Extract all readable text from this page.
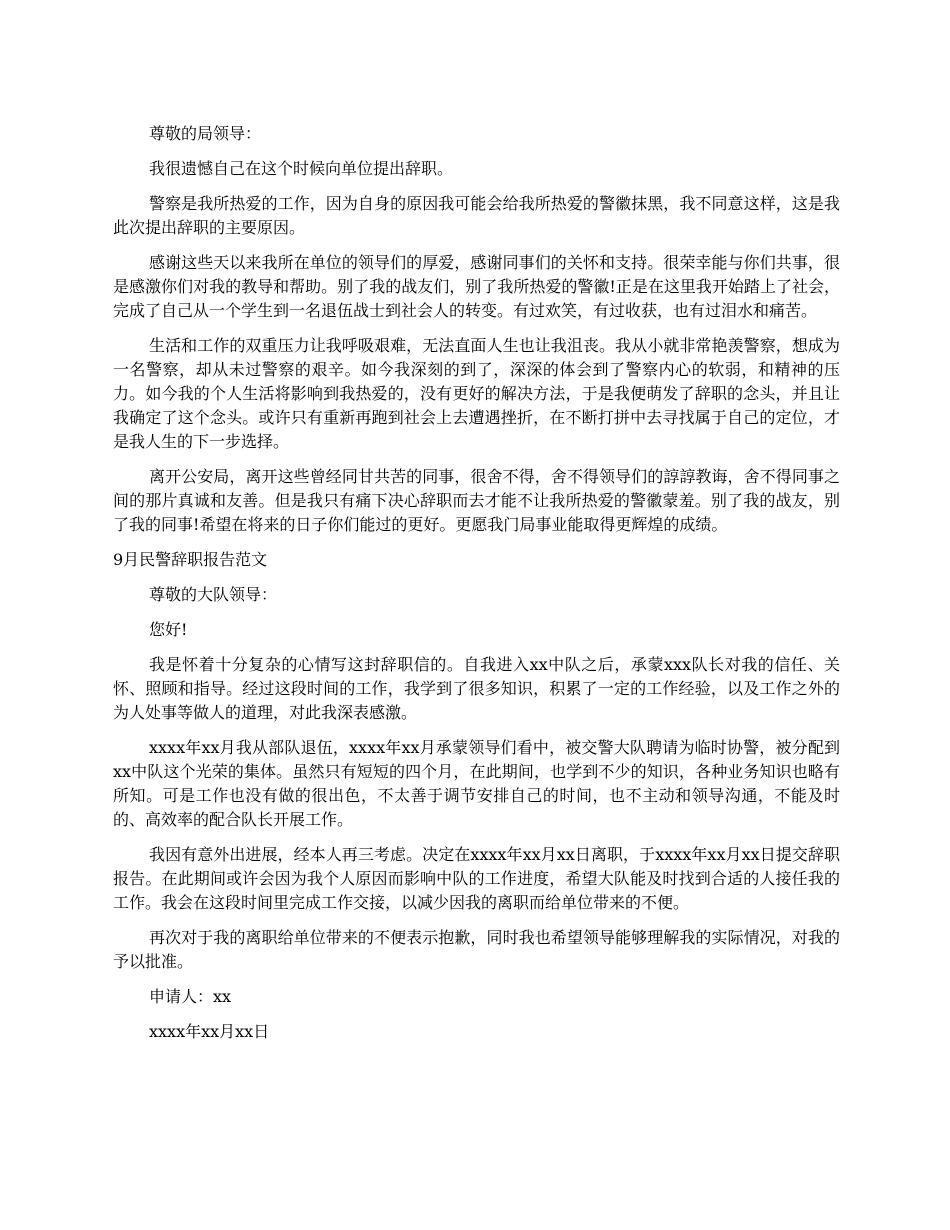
尊敬的局领导：

我很遗憾自己在这个时候向单位提出辞职。

警察是我所热爱的工作，因为自身的原因我可能会给我所热爱的警徽抹黑，我不同意这样，这是我此次提出辞职的主要原因。

感谢这些天以来我所在单位的领导们的厚爱，感谢同事们的关怀和支持。很荣幸能与你们共事，很是感激你们对我的教导和帮助。别了我的战友们，别了我所热爱的警徽!正是在这里我开始踏上了社会，完成了自己从一个学生到一名退伍战士到社会人的转变。有过欢笑，有过收获，也有过泪水和痛苦。

生活和工作的双重压力让我呼吸艰难，无法直面人生也让我沮丧。我从小就非常艳羡警察，想成为一名警察，却从未过警察的艰辛。如今我深刻的到了，深深的体会到了警察内心的软弱，和精神的压力。如今我的个人生活将影响到我热爱的，没有更好的解决方法，于是我便萌发了辞职的念头，并且让我确定了这个念头。或许只有重新再跑到社会上去遭遇挫折，在不断打拼中去寻找属于自己的定位，才是我人生的下一步选择。

离开公安局，离开这些曾经同甘共苦的同事，很舍不得，舍不得领导们的諄諄教诲，舍不得同事之间的那片真诚和友善。但是我只有痛下决心辞职而去才能不让我所热爱的警徽蒙羞。别了我的战友，别了我的同事!希望在将来的日子你们能过的更好。更愿我门局事业能取得更辉煌的成绩。

9月民警辞职报告范文

尊敬的大队领导：

您好!

我是怀着十分复杂的心情写这封辞职信的。自我进入xx中队之后，承蒙xxx队长对我的信任、关怀、照顾和指导。经过这段时间的工作，我学到了很多知识，积累了一定的工作经验，以及工作之外的为人处事等做人的道理，对此我深表感激。

xxxx年xx月我从部队退伍，xxxx年xx月承蒙领导们看中，被交警大队聘请为临时协警，被分配到xx中队这个光荣的集体。虽然只有短短的四个月，在此期间，也学到不少的知识，各种业务知识也略有所知。可是工作也没有做的很出色，不太善于调节安排自己的时间，也不主动和领导沟通，不能及时的、高效率的配合队长开展工作。

我因有意外出进展，经本人再三考虑。决定在xxxx年xx月xx日离职，于xxxx年xx月xx日提交辞职报告。在此期间或许会因为我个人原因而影响中队的工作进度，希望大队能及时找到合适的人接任我的工作。我会在这段时间里完成工作交接，以减少因我的离职而给单位带来的不便。

再次对于我的离职给单位带来的不便表示抱歉，同时我也希望领导能够理解我的实际情况，对我的予以批准。

申请人：xx

xxxx年xx月xx日
